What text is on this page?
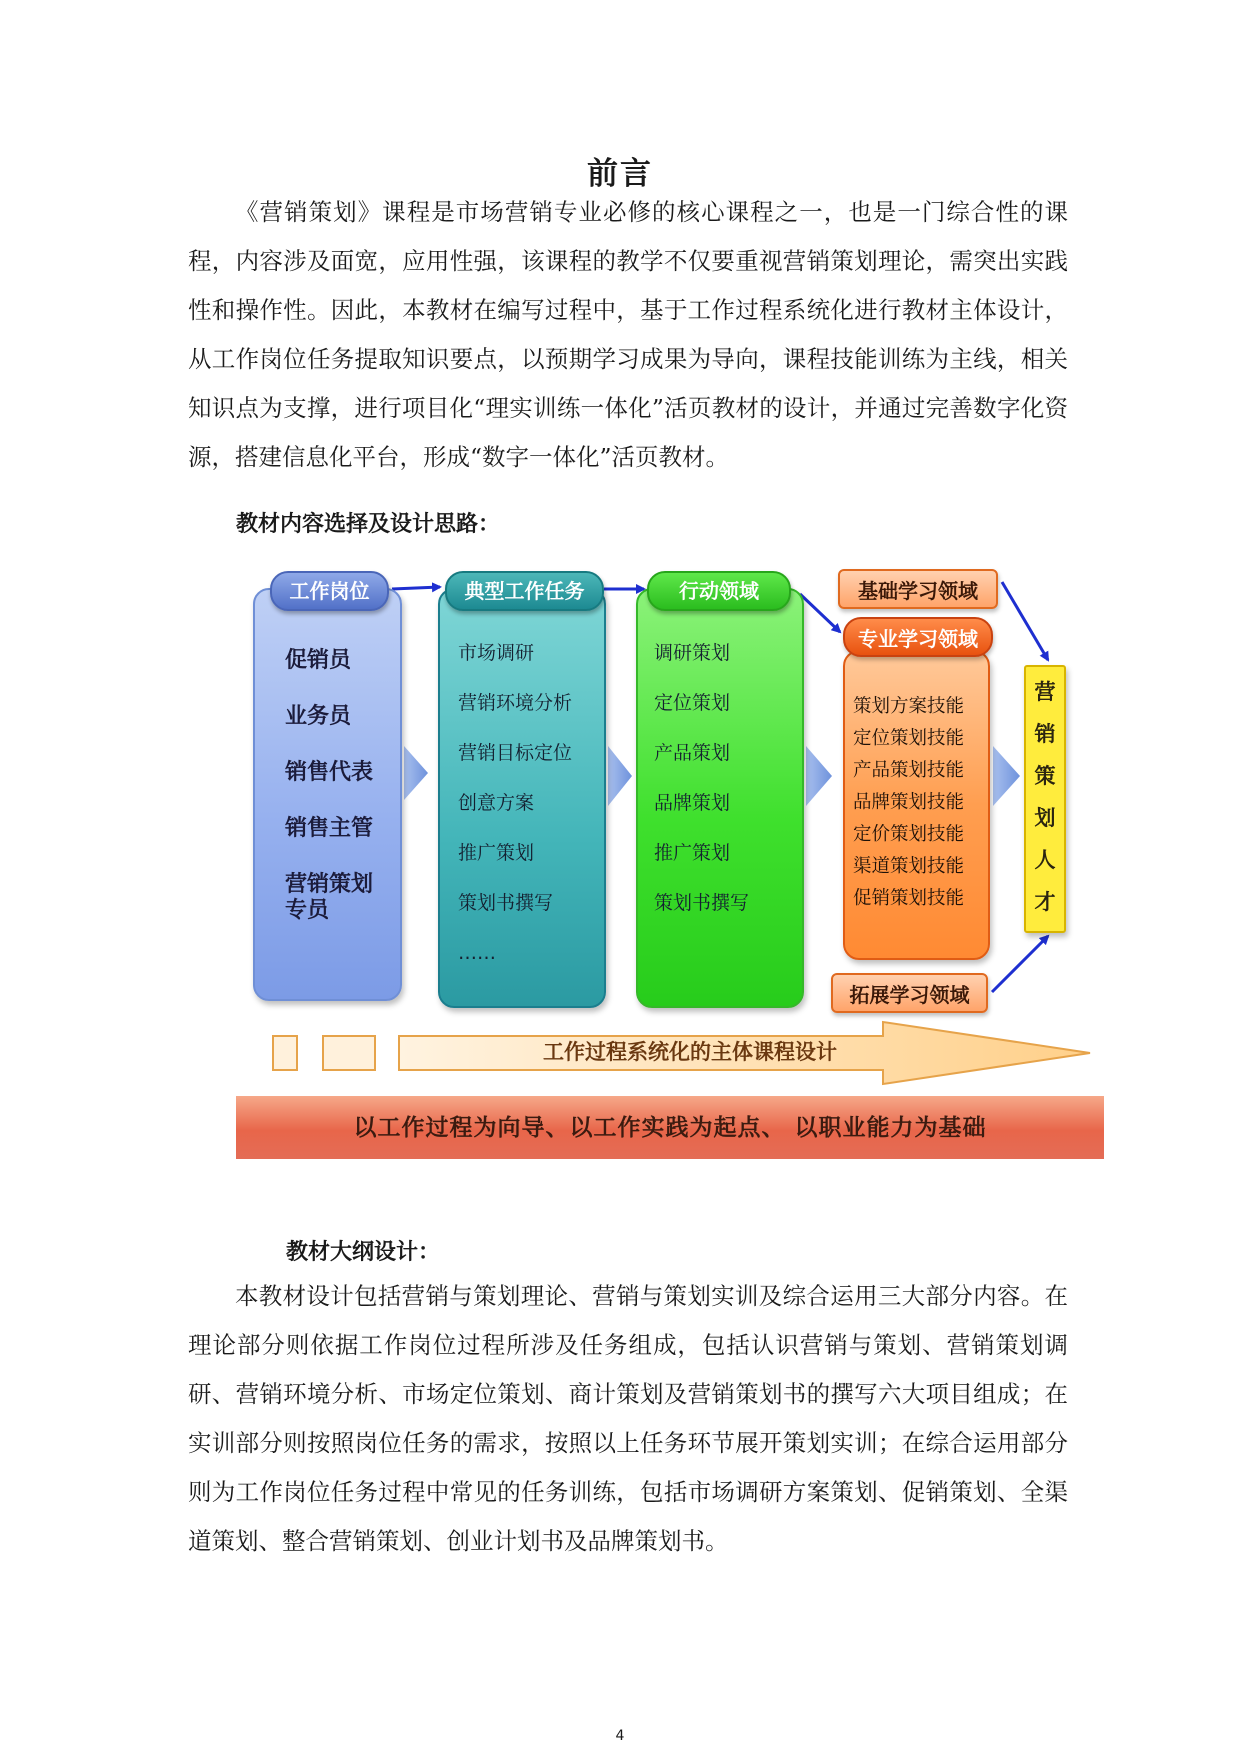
前言

《营销策划》课程是市场营销专业必修的核心课程之一，也是一门综合性的课程，内容涉及面宽，应用性强，该课程的教学不仅要重视营销策划理论，需突出实践性和操作性。因此，本教材在编写过程中，基于工作过程系统化进行教材主体设计，从工作岗位任务提取知识要点，以预期学习成果为导向，课程技能训练为主线，相关知识点为支撑，进行项目化“理实训练一体化”活页教材的设计，并通过完善数字化资源，搭建信息化平台，形成“数字一体化”活页教材。

教材内容选择及设计思路：
促销员
业务员
销售代表
销售主管
营销策划
专员
工作岗位
市场调研
营销环境分析
营销目标定位
创意方案
推广策划
策划书撰写
……
典型工作任务
调研策划
定位策划
产品策划
品牌策划
推广策划
策划书撰写
行动领域	基础学习领域
策划方案技能
定位策划技能
产品策划技能
品牌策划技能
定价策划技能
渠道策划技能
促销策划技能
专业学习领域
拓展学习领域
营
销
策
划
人
才
工作过程系统化的主体课程设计
以工作过程为向导、以工作实践为起点、 以职业能力为基础
教材大纲设计：

本教材设计包括营销与策划理论、营销与策划实训及综合运用三大部分内容。在理论部分则依据工作岗位过程所涉及任务组成，包括认识营销与策划、营销策划调研、营销环境分析、市场定位策划、商计策划及营销策划书的撰写六大项目组成；在实训部分则按照岗位任务的需求，按照以上任务环节展开策划实训；在综合运用部分则为工作岗位任务过程中常见的任务训练，包括市场调研方案策划、促销策划、全渠道策划、整合营销策划、创业计划书及品牌策划书。

4
